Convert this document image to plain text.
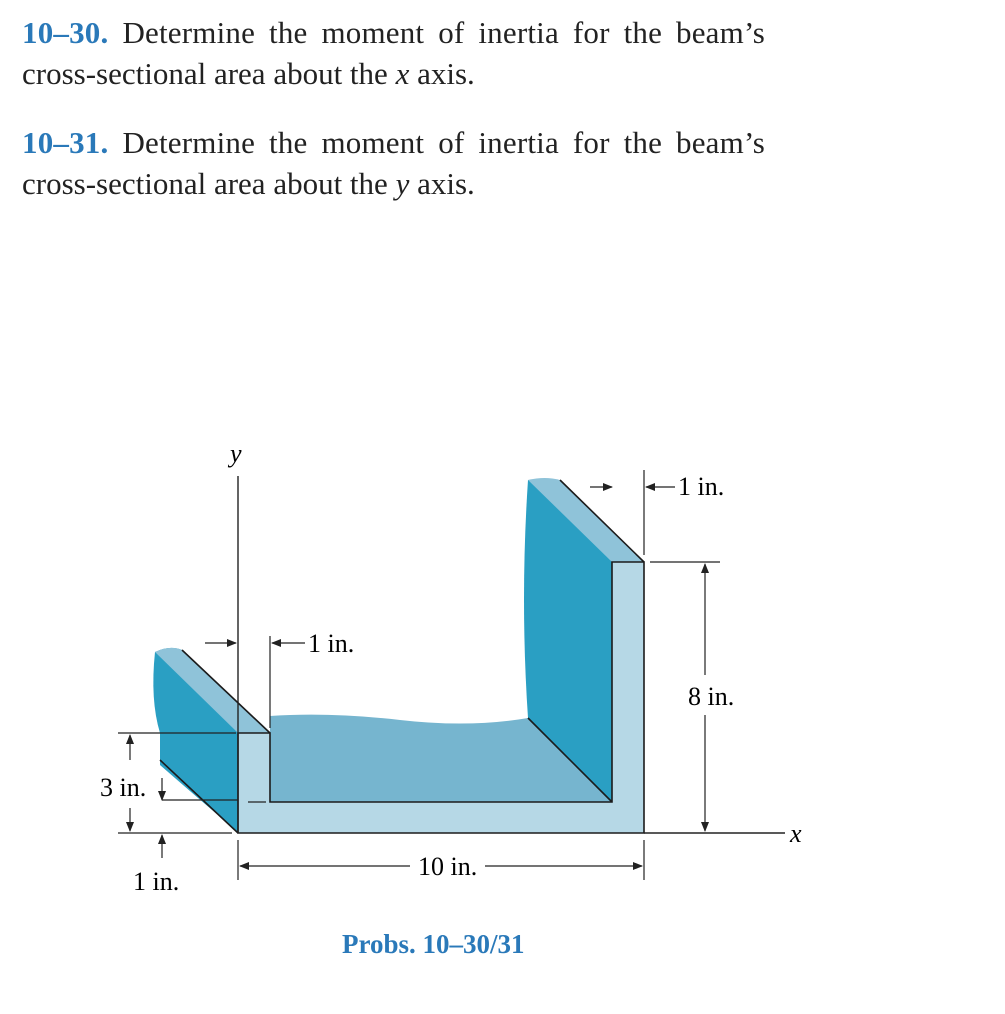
10–30. Determine the moment of inertia for the beam’s
cross-sectional area about the x axis.
10–31. Determine the moment of inertia for the beam’s
cross-sectional area about the y axis.
y
x
1 in.
1 in.
8 in.
3 in.
1 in.
10 in.
Probs. 10–30/31
